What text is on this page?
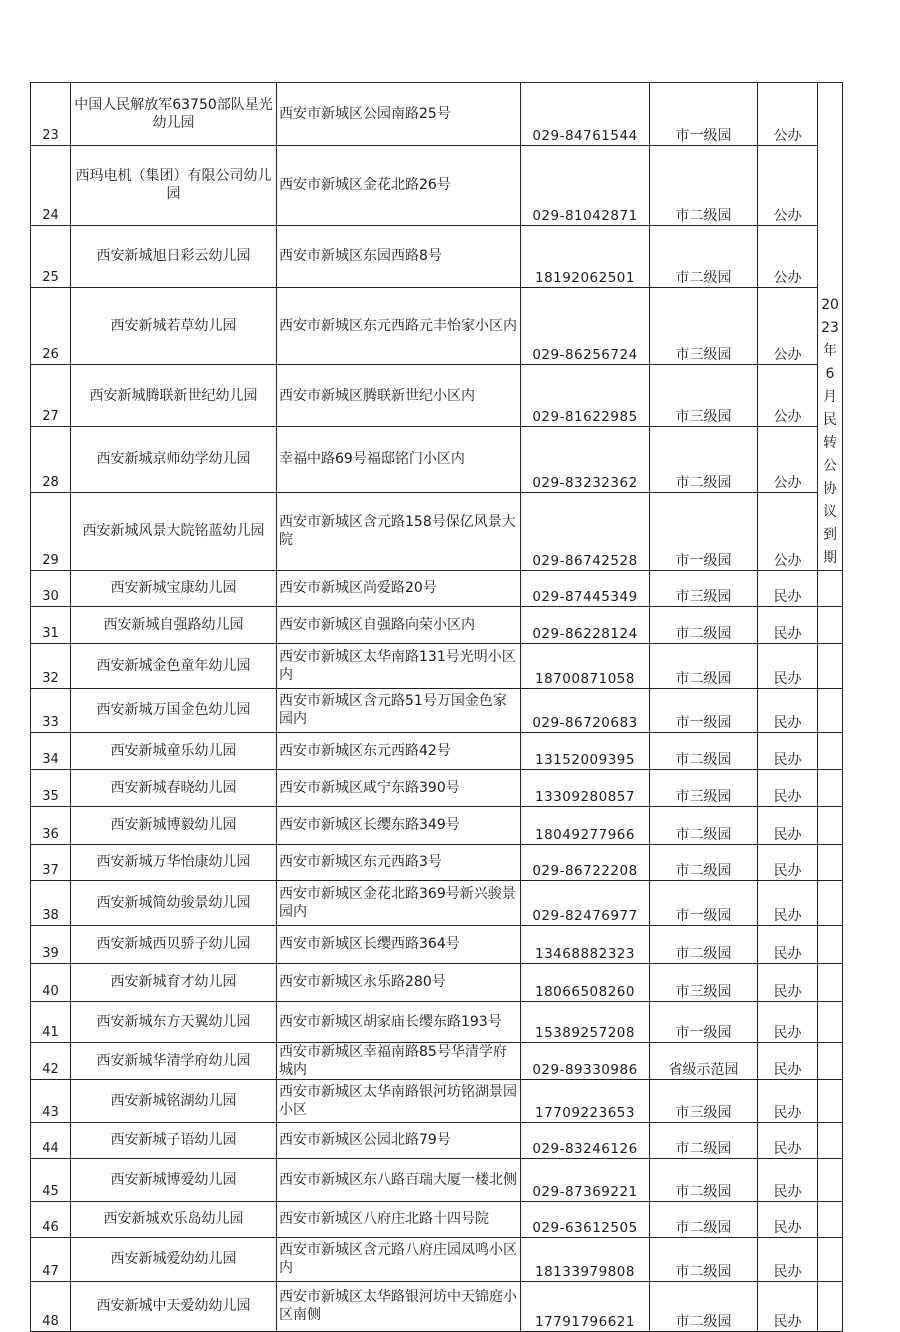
23	中国人民解放军63750部队星光幼儿园	西安市新城区公园南路25号	029-84761544	市一级园	公办	
24	西玛电机（集团）有限公司幼儿园	西安市新城区金花北路26号	029-81042871	市二级园	公办	2023年6月民转公协议到期

25	西安新城旭日彩云幼儿园	西安市新城区东园西路8号	18192062501	市二级园	公办	
26	西安新城若草幼儿园	西安市新城区东元西路元丰怡家小区内	029-86256724	市三级园	公办	
27	西安新城腾联新世纪幼儿园	西安市新城区腾联新世纪小区内	029-81622985	市三级园	公办	
28	西安新城京师幼学幼儿园	幸福中路69号福邸铭门小区内	029-83232362	市二级园	公办	
29	西安新城风景大院铭蓝幼儿园	西安市新城区含元路158号保亿风景大院	029-86742528	市一级园	公办	
30	西安新城宝康幼儿园	西安市新城区尚爱路20号	029-87445349	市三级园	民办	
31	西安新城自强路幼儿园	西安市新城区自强路向荣小区内	029-86228124	市二级园	民办	
32	西安新城金色童年幼儿园	西安市新城区太华南路131号光明小区内	18700871058	市二级园	民办	
33	西安新城万国金色幼儿园	西安市新城区含元路51号万国金色家园内	029-86720683	市一级园	民办	
34	西安新城童乐幼儿园	西安市新城区东元西路42号	13152009395	市二级园	民办	
35	西安新城春晓幼儿园	西安市新城区咸宁东路390号	13309280857	市三级园	民办	
36	西安新城博毅幼儿园	西安市新城区长缨东路349号	18049277966	市二级园	民办	
37	西安新城万华怡康幼儿园	西安市新城区东元西路3号	029-86722208	市二级园	民办	
38	西安新城简幼骏景幼儿园	西安市新城区金花北路369号新兴骏景园内	029-82476977	市一级园	民办	
39	西安新城西贝骄子幼儿园	西安市新城区长缨西路364号	13468882323	市二级园	民办	
40	西安新城育才幼儿园	西安市新城区永乐路280号	18066508260	市三级园	民办	
41	西安新城东方天翼幼儿园	西安市新城区胡家庙长缨东路193号	15389257208	市一级园	民办	
42	西安新城华清学府幼儿园	西安市新城区幸福南路85号华清学府城内	029-89330986	省级示范园	民办	
43	西安新城铭湖幼儿园	西安市新城区太华南路银河坊铭湖景园小区	17709223653	市三级园	民办	
44	西安新城子语幼儿园	西安市新城区公园北路79号	029-83246126	市二级园	民办	
45	西安新城博爱幼儿园	西安市新城区东八路百瑞大厦一楼北侧	029-87369221	市二级园	民办	
46	西安新城欢乐岛幼儿园	西安市新城区八府庄北路十四号院	029-63612505	市二级园	民办	
47	西安新城爱幼幼儿园	西安市新城区含元路八府庄园凤鸣小区内	18133979808	市二级园	民办	
48	西安新城中天爱幼幼儿园	西安市新城区太华路银河坊中天锦庭小区南侧	17791796621	市二级园	民办	
